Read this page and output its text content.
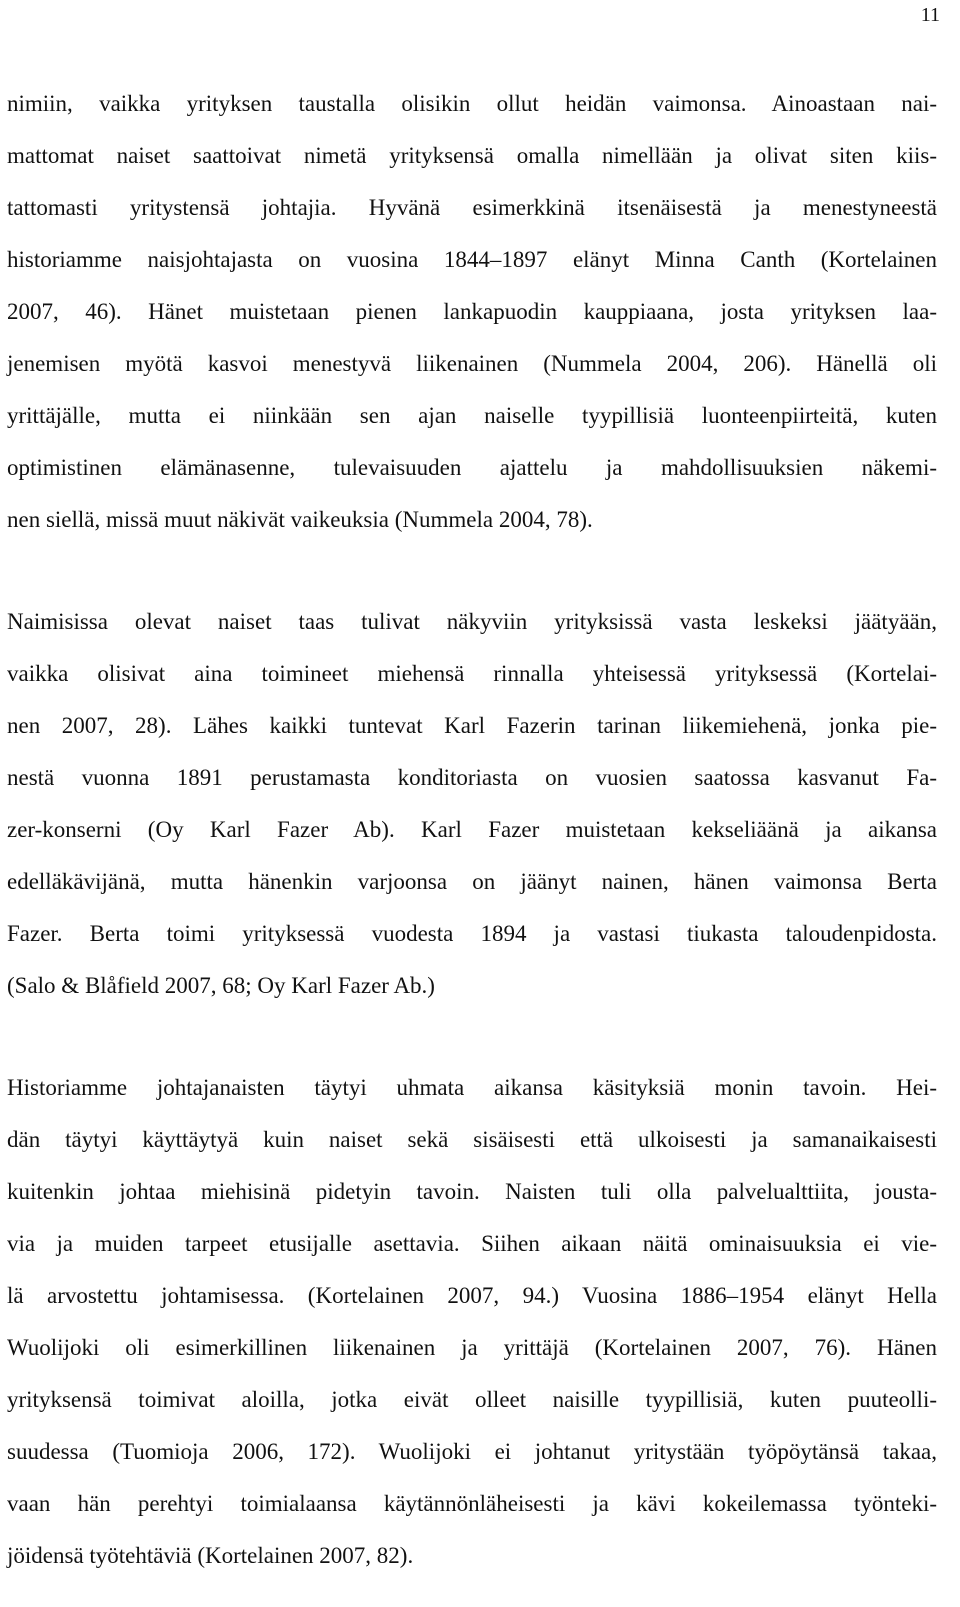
11
nimiin, vaikka yrityksen taustalla olisikin ollut heidän vaimonsa. Ainoastaan nai-
mattomat naiset saattoivat nimetä yrityksensä omalla nimellään ja olivat siten kiis-
tattomasti yritystensä johtajia. Hyvänä esimerkkinä itsenäisestä ja menestyneestä
historiamme naisjohtajasta on vuosina 1844–1897 elänyt Minna Canth (Kortelainen
2007, 46). Hänet muistetaan pienen lankapuodin kauppiaana, josta yrityksen laa-
jenemisen myötä kasvoi menestyvä liikenainen (Nummela 2004, 206). Hänellä oli
yrittäjälle, mutta ei niinkään sen ajan naiselle tyypillisiä luonteenpiirteitä, kuten
optimistinen elämänasenne, tulevaisuuden ajattelu ja mahdollisuuksien näkemi-
nen siellä, missä muut näkivät vaikeuksia (Nummela 2004, 78).
Naimisissa olevat naiset taas tulivat näkyviin yrityksissä vasta leskeksi jäätyään,
vaikka olisivat aina toimineet miehensä rinnalla yhteisessä yrityksessä (Kortelai-
nen 2007, 28). Lähes kaikki tuntevat Karl Fazerin tarinan liikemiehenä, jonka pie-
nestä vuonna 1891 perustamasta konditoriasta on vuosien saatossa kasvanut Fa-
zer-konserni (Oy Karl Fazer Ab). Karl Fazer muistetaan kekseliäänä ja aikansa
edelläkävijänä, mutta hänenkin varjoonsa on jäänyt nainen, hänen vaimonsa Berta
Fazer. Berta toimi yrityksessä vuodesta 1894 ja vastasi tiukasta taloudenpidosta.
(Salo & Blåfield 2007, 68; Oy Karl Fazer Ab.)
Historiamme johtajanaisten täytyi uhmata aikansa käsityksiä monin tavoin. Hei-
dän täytyi käyttäytyä kuin naiset sekä sisäisesti että ulkoisesti ja samanaikaisesti
kuitenkin johtaa miehisinä pidetyin tavoin. Naisten tuli olla palvelualttiita, jousta-
via ja muiden tarpeet etusijalle asettavia. Siihen aikaan näitä ominaisuuksia ei vie-
lä arvostettu johtamisessa. (Kortelainen 2007, 94.) Vuosina 1886–1954 elänyt Hella
Wuolijoki oli esimerkillinen liikenainen ja yrittäjä (Kortelainen 2007, 76). Hänen
yrityksensä toimivat aloilla, jotka eivät olleet naisille tyypillisiä, kuten puuteolli-
suudessa (Tuomioja 2006, 172). Wuolijoki ei johtanut yritystään työpöytänsä takaa,
vaan hän perehtyi toimialaansa käytännönläheisesti ja kävi kokeilemassa työnteki-
jöidensä työtehtäviä (Kortelainen 2007, 82).
